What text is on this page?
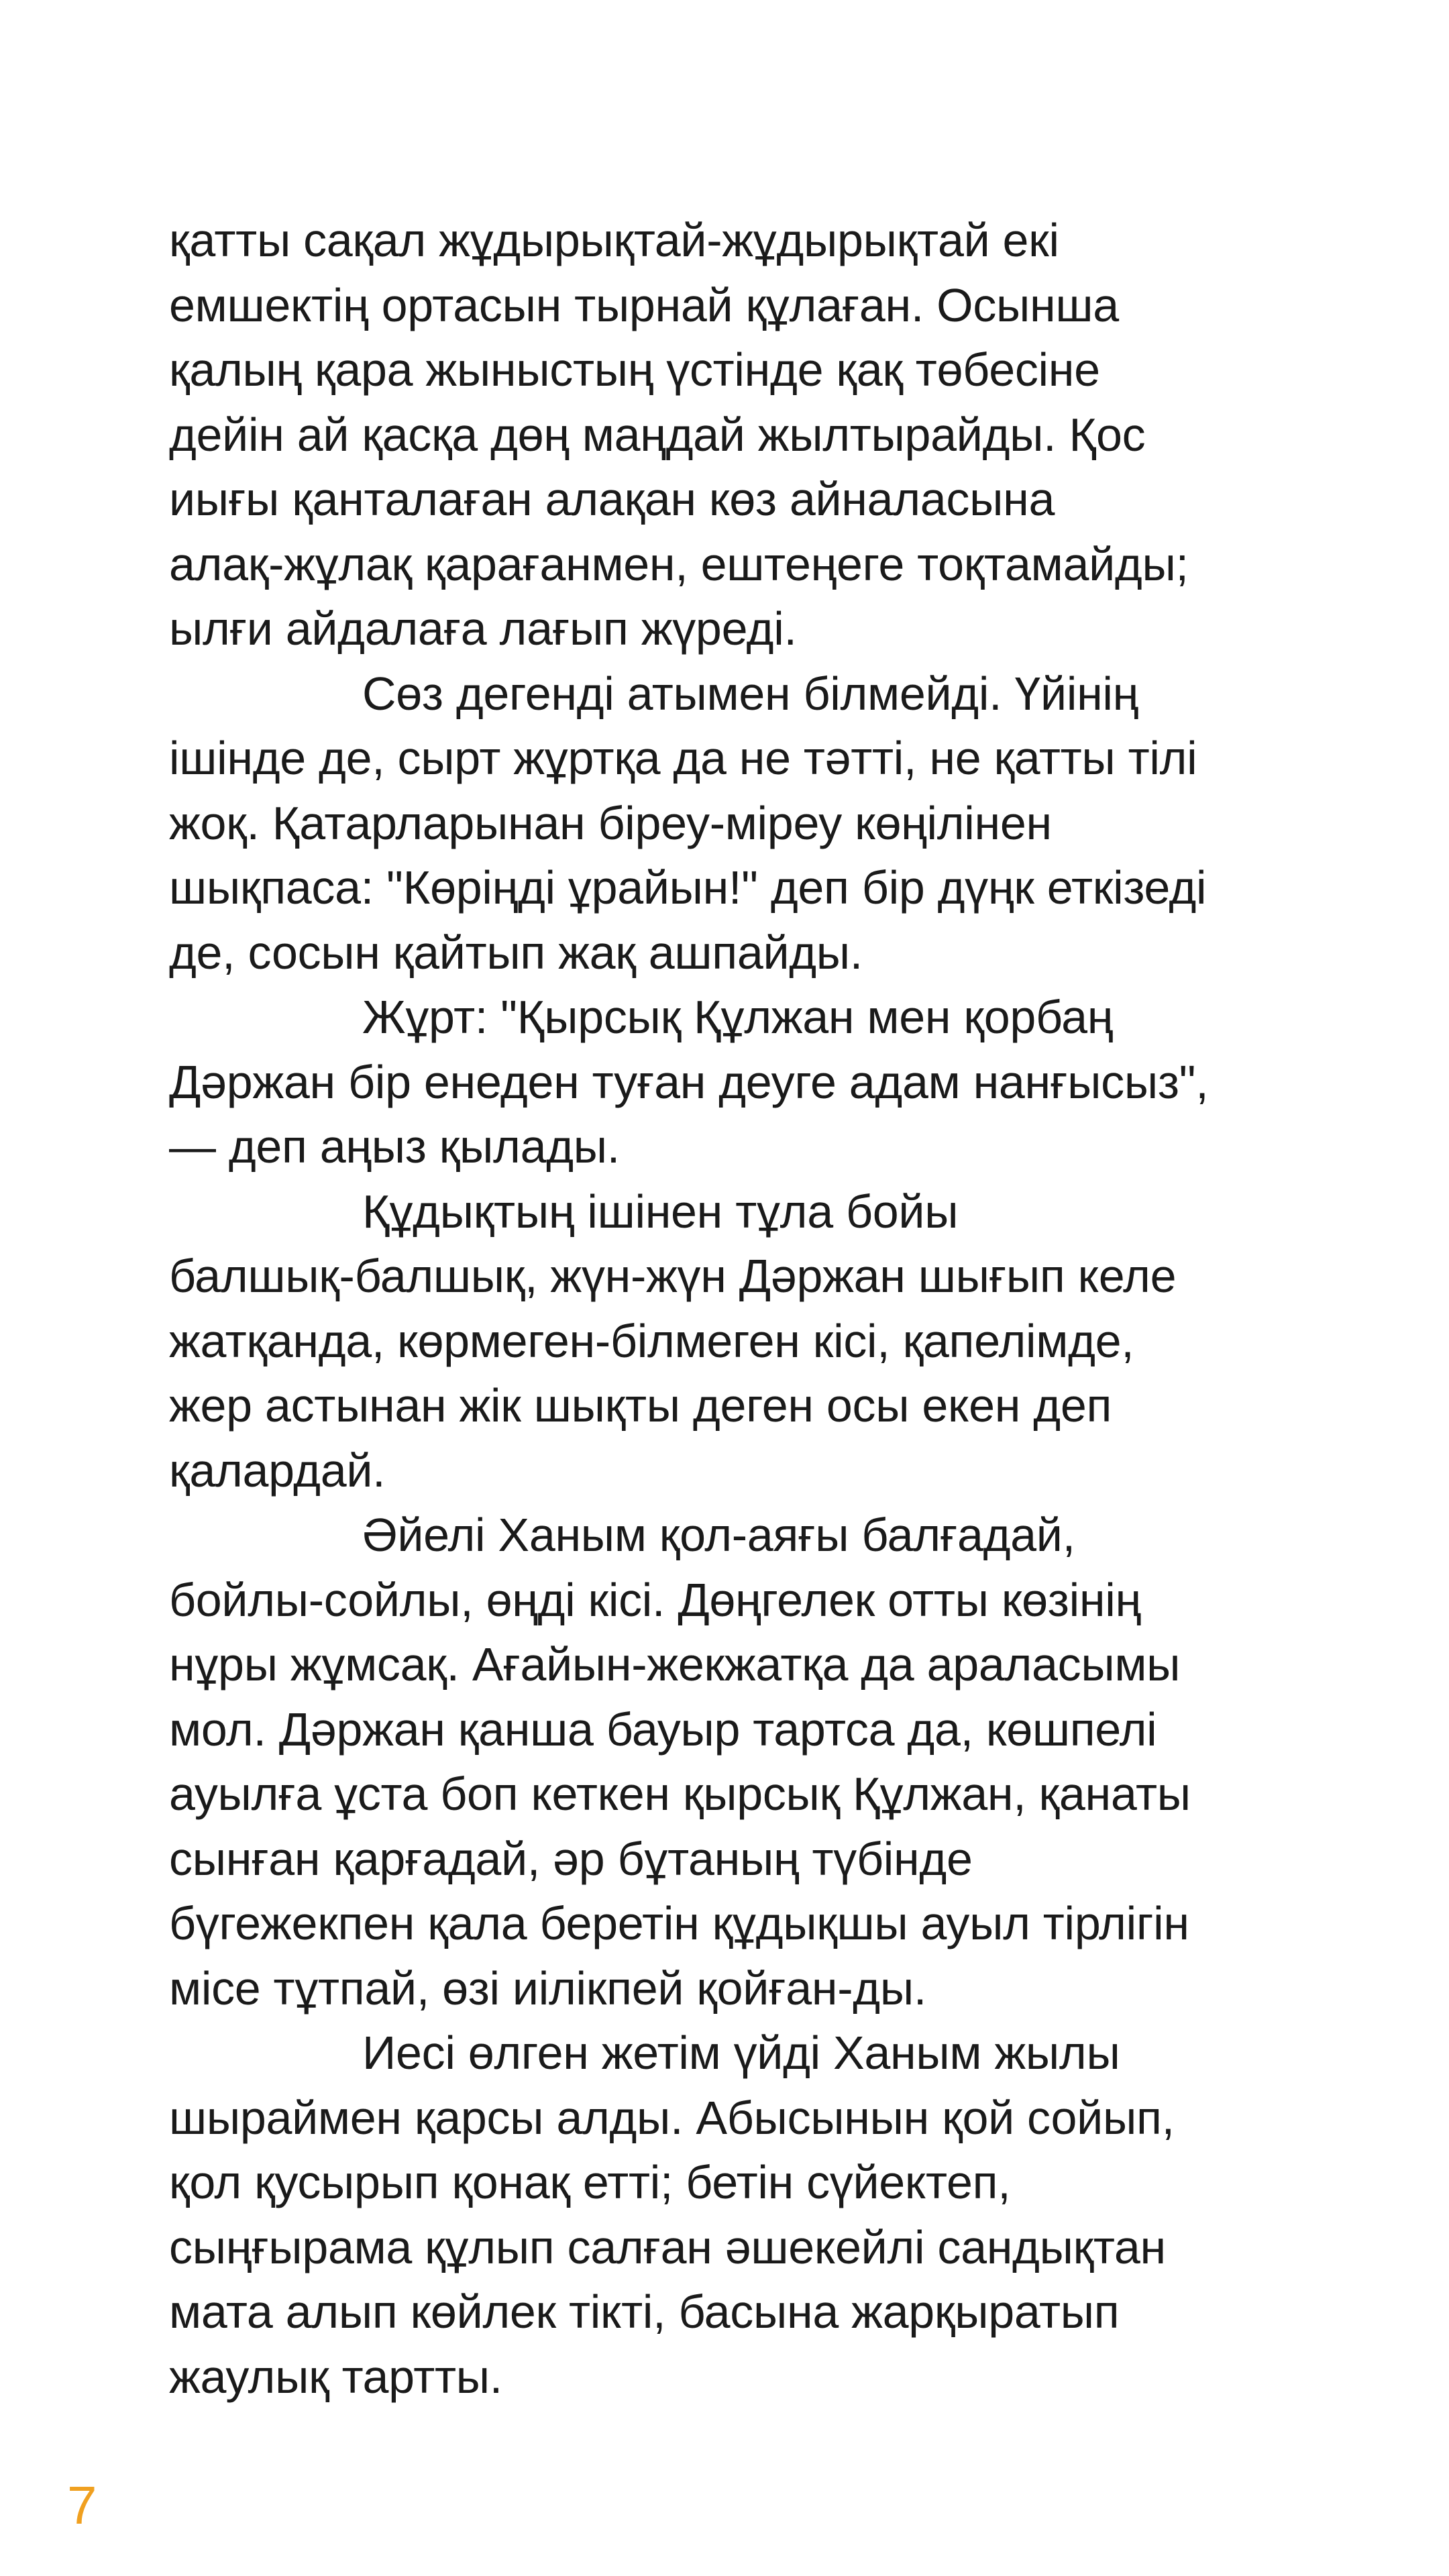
қатты сақал жұдырықтай-жұдырықтай екі
емшектің ортасын тырнай құлаған. Осынша
қалың қара жыныстың үстінде қақ төбесіне
дейін ай қасқа дөң маңдай жылтырайды. Қос
иығы қанталаған алақан көз айналасына
алақ-жұлақ қарағанмен, ештеңеге тоқтамайды;
ылғи айдалаға лағып жүреді.
Сөз дегенді атымен білмейді. Үйінің
ішінде де, сырт жұртқа да не тәтті, не қатты тілі
жоқ. Қатарларынан біреу-міреу көңілінен
шықпаса: "Көріңді ұрайын!" деп бір дүңк еткізеді
де, сосын қайтып жақ ашпайды.
Жұрт: "Қырсық Құлжан мен қорбаң
Дәржан бір енеден туған деуге адам нанғысыз",
— деп аңыз қылады.
Құдықтың ішінен тұла бойы
балшық-балшық, жүн-жүн Дәржан шығып келе
жатқанда, көрмеген-білмеген кісі, қапелімде,
жер астынан жік шықты деген осы екен деп
қалардай.
Әйелі Ханым қол-аяғы балғадай,
бойлы-сойлы, өңді кісі. Дөңгелек отты көзінің
нұры жұмсақ. Ағайын-жекжатқа да араласымы
мол. Дәржан қанша бауыр тартса да, көшпелі
ауылға ұста боп кеткен қырсық Құлжан, қанаты
сынған қарғадай, әр бұтаның түбінде
бүгежекпен қала беретін құдықшы ауыл тірлігін
місе тұтпай, өзі иілікпей қойған-ды.
Иесі өлген жетім үйді Ханым жылы
шыраймен қарсы алды. Абысынын қой сойып,
қол қусырып қонақ етті; бетін сүйектеп,
сыңғырама құлып салған әшекейлі сандықтан
мата алып көйлек тікті, басына жарқыратып
жаулық тартты.
7
